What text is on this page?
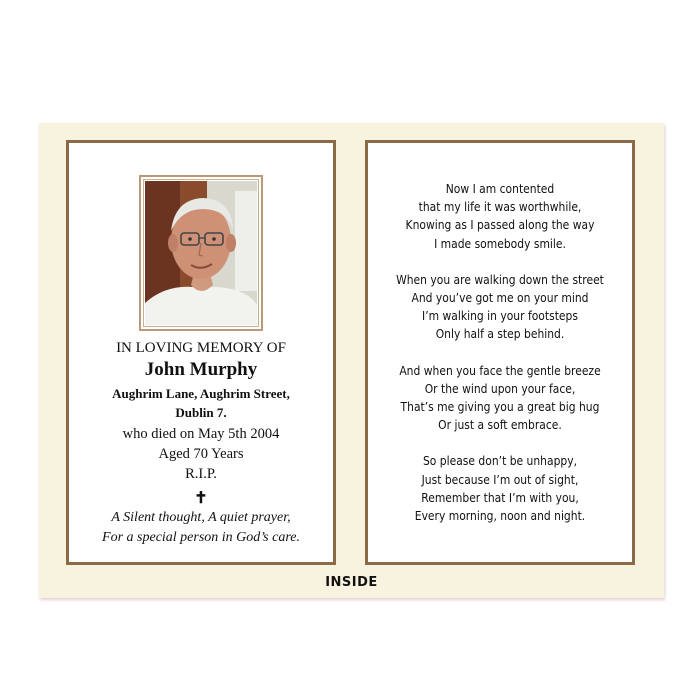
IN LOVING MEMORY OF
John Murphy
Aughrim Lane, Aughrim Street,
Dublin 7.
who died on May 5th 2004
Aged 70 Years
R.I.P.
✝
A Silent thought, A quiet prayer,
For a special person in God’s care.
Now I am contented
that my life it was worthwhile,
Knowing as I passed along the way
I made somebody smile.
When you are walking down the street
And you’ve got me on your mind
I’m walking in your footsteps
Only half a step behind.
And when you face the gentle breeze
Or the wind upon your face,
That’s me giving you a great big hug
Or just a soft embrace.
So please don’t be unhappy,
Just because I’m out of sight,
Remember that I’m with you,
Every morning, noon and night.
INSIDE
